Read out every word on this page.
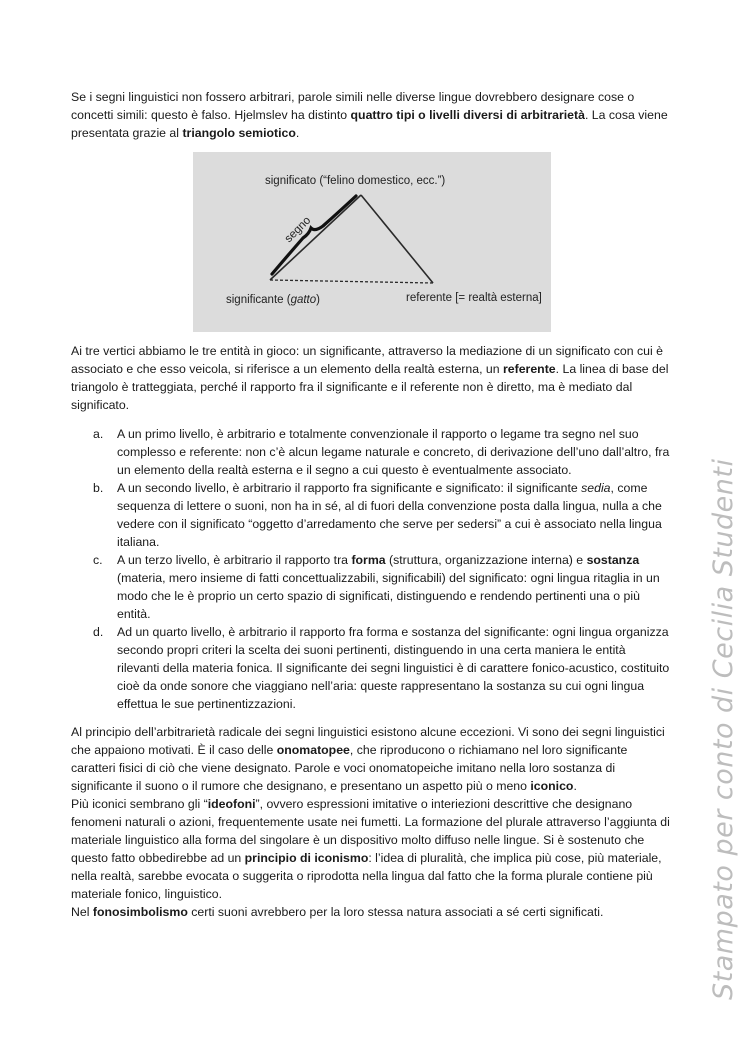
Se i segni linguistici non fossero arbitrari, parole simili nelle diverse lingue dovrebbero designare cose o concetti simili: questo è falso. Hjelmslev ha distinto quattro tipi o livelli diversi di arbitrarietà. La cosa viene presentata grazie al triangolo semiotico.

significato (“felino domestico, ecc.”)
segno
significante (gatto)	referente [= realtà esterna]

Ai tre vertici abbiamo le tre entità in gioco: un significante, attraverso la mediazione di un significato con cui è associato e che esso veicola, si riferisce a un elemento della realtà esterna, un referente. La linea di base del triangolo è tratteggiata, perché il rapporto fra il significante e il referente non è diretto, ma è mediato dal significato.

a. A un primo livello, è arbitrario e totalmente convenzionale il rapporto o legame tra segno nel suo complesso e referente: non c’è alcun legame naturale e concreto, di derivazione dell’uno dall’altro, fra un elemento della realtà esterna e il segno a cui questo è eventualmente associato.
b. A un secondo livello, è arbitrario il rapporto fra significante e significato: il significante sedia, come sequenza di lettere o suoni, non ha in sé, al di fuori della convenzione posta dalla lingua, nulla a che vedere con il significato “oggetto d’arredamento che serve per sedersi” a cui è associato nella lingua italiana.
c. A un terzo livello, è arbitrario il rapporto tra forma (struttura, organizzazione interna) e sostanza (materia, mero insieme di fatti concettualizzabili, significabili) del significato: ogni lingua ritaglia in un modo che le è proprio un certo spazio di significati, distinguendo e rendendo pertinenti una o più entità.
d. Ad un quarto livello, è arbitrario il rapporto fra forma e sostanza del significante: ogni lingua organizza secondo propri criteri la scelta dei suoni pertinenti, distinguendo in una certa maniera le entità rilevanti della materia fonica. Il significante dei segni linguistici è di carattere fonico-acustico, costituito cioè da onde sonore che viaggiano nell’aria: queste rappresentano la sostanza su cui ogni lingua effettua le sue pertinentizzazioni.

Al principio dell’arbitrarietà radicale dei segni linguistici esistono alcune eccezioni. Vi sono dei segni linguistici che appaiono motivati. È il caso delle onomatopee, che riproducono o richiamano nel loro significante caratteri fisici di ciò che viene designato. Parole e voci onomatopeiche imitano nella loro sostanza di significante il suono o il rumore che designano, e presentano un aspetto più o meno iconico.

Più iconici sembrano gli “ideofoni”, ovvero espressioni imitative o interiezioni descrittive che designano fenomeni naturali o azioni, frequentemente usate nei fumetti. La formazione del plurale attraverso l’aggiunta di materiale linguistico alla forma del singolare è un dispositivo molto diffuso nelle lingue. Si è sostenuto che questo fatto obbedirebbe ad un principio di iconismo: l’idea di pluralità, che implica più cose, più materiale, nella realtà, sarebbe evocata o suggerita o riprodotta nella lingua dal fatto che la forma plurale contiene più materiale fonico, linguistico.

Nel fonosimbolismo certi suoni avrebbero per la loro stessa natura associati a sé certi significati.	Stampato per conto di Cecilia Studenti
